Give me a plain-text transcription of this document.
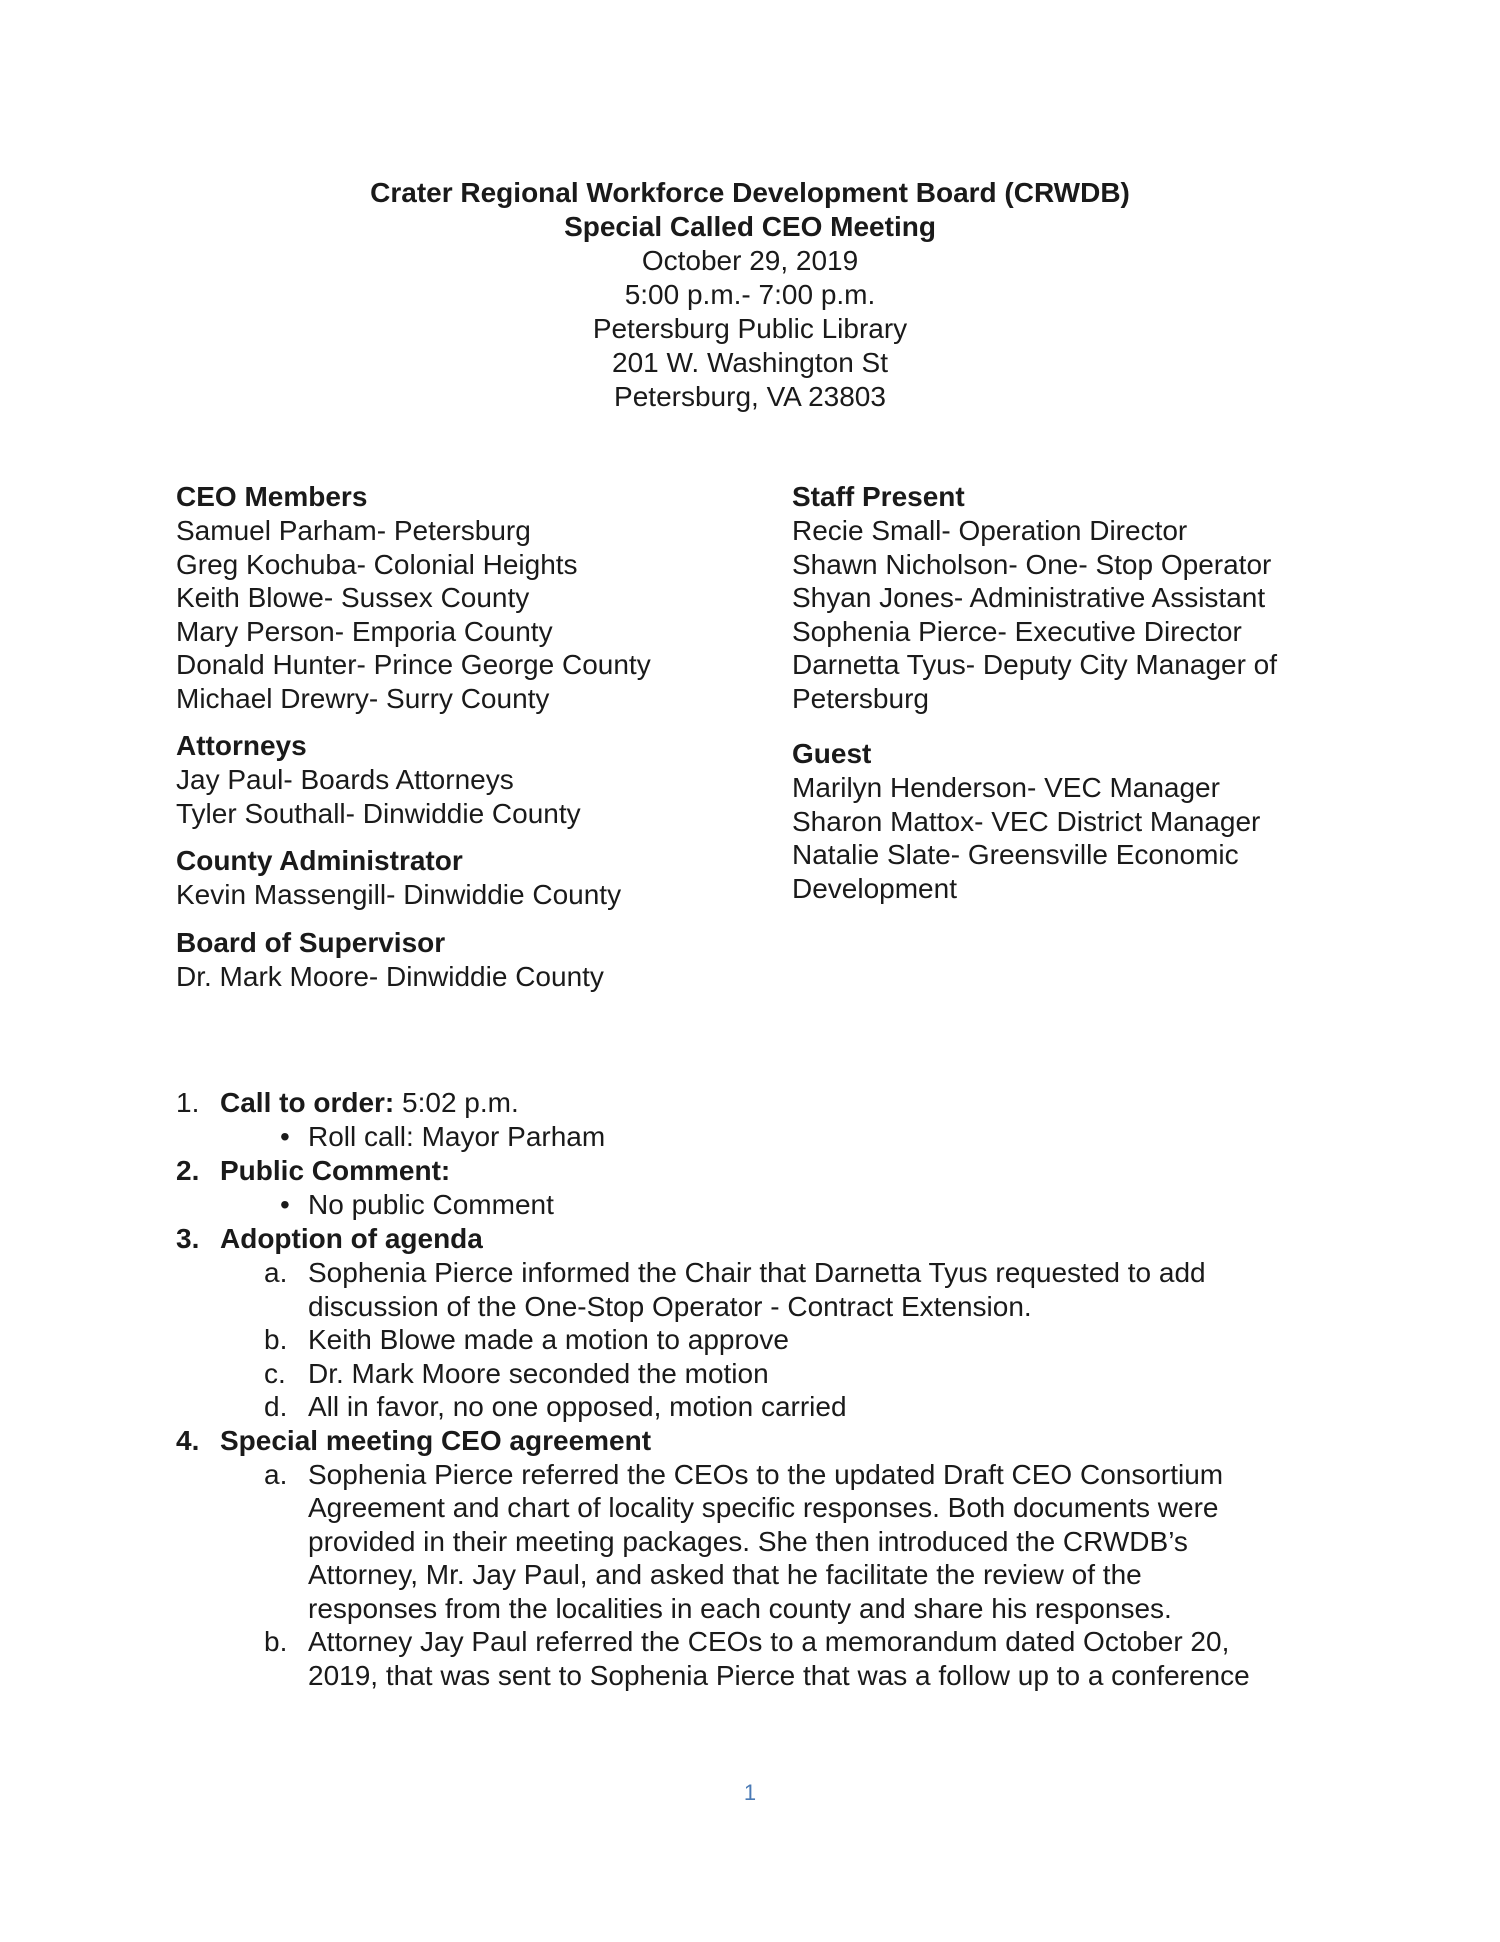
Crater Regional Workforce Development Board (CRWDB)
Special Called CEO Meeting
October 29, 2019
5:00 p.m.- 7:00 p.m.
Petersburg Public Library
201 W. Washington St
Petersburg, VA 23803
CEO Members
Samuel Parham- Petersburg
Greg Kochuba- Colonial Heights
Keith Blowe- Sussex County
Mary Person- Emporia County
Donald Hunter- Prince George County
Michael Drewry- Surry County
Attorneys
Jay Paul- Boards Attorneys
Tyler Southall- Dinwiddie County
County Administrator
Kevin Massengill- Dinwiddie County
Board of Supervisor
Dr. Mark Moore- Dinwiddie County
Staff Present
Recie Small- Operation Director
Shawn Nicholson- One- Stop Operator
Shyan Jones- Administrative Assistant
Sophenia Pierce- Executive Director
Darnetta Tyus- Deputy City Manager of
Petersburg
Guest
Marilyn Henderson- VEC Manager
Sharon Mattox- VEC District Manager
Natalie Slate- Greensville Economic
Development
1. Call to order: 5:02 p.m.
• Roll call: Mayor Parham
2. Public Comment:
• No public Comment
3. Adoption of agenda
a. Sophenia Pierce informed the Chair that Darnetta Tyus requested to add
discussion of the One-Stop Operator - Contract Extension.
b. Keith Blowe made a motion to approve
c. Dr. Mark Moore seconded the motion
d. All in favor, no one opposed, motion carried
4. Special meeting CEO agreement
a. Sophenia Pierce referred the CEOs to the updated Draft CEO Consortium
Agreement and chart of locality specific responses. Both documents were
provided in their meeting packages. She then introduced the CRWDB’s
Attorney, Mr. Jay Paul, and asked that he facilitate the review of the
responses from the localities in each county and share his responses.
b. Attorney Jay Paul referred the CEOs to a memorandum dated October 20,
2019, that was sent to Sophenia Pierce that was a follow up to a conference
1
